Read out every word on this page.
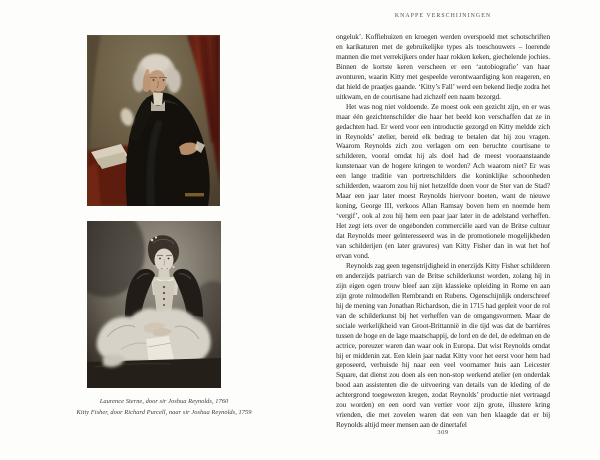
Laurence Sterne, door sir Joshua Reynolds, 1760
Kitty Fisher, door Richard Purcell, naar sir Joshua Reynolds, 1759
KNAPPE VERSCHIJNINGEN

ongeluk’. Koffiehuizen en kroegen werden overspoeld met schotschriften en karikaturen met de gebruikelijke types als toeschouwers – loerende mannen die met verrekijkers onder haar rokken keken, giechelende jochies. Binnen de kortste keren verscheen er een ‘autobiografie’ van haar avonturen, waarin Kitty met gespeelde verontwaardiging kon reageren, en dat hield de praatjes gaande. ‘Kitty’s Fall’ werd een bekend liedje zodra het uitkwam, en de courtisane had zichzelf een naam bezorgd.

Het was nog niet voldoende. Ze moest ook een gezicht zijn, en er was maar één gezichtenschilder die haar het beeld kon verschaffen dat ze in gedachten had. Er werd voor een introductie gezorgd en Kitty meldde zich in Reynolds’ atelier, bereid elk bedrag te betalen dat hij zou vragen. Waarom Reynolds zich zou verlagen om een beruchte courtisane te schilderen, vooral omdat hij als doel had de meest vooraanstaande kunstenaar van de hogere kringen te worden? Ach waarom niet? Er was een lange traditie van portretschilders die koninklijke schoonheden schilderden, waarom zou hij niet hetzelfde doen voor de Ster van de Stad? Maar een jaar later moest Reynolds hiervoor boeten, want de nieuwe koning, George III, verkoos Allan Ramsay boven hem en noemde hem ‘vergif’, ook al zou hij hem een paar jaar later in de adelstand verheffen. Het zegt iets over de ongebonden commerciële aard van de Britse cultuur dat Reynolds meer geïnteresseerd was in de promotionele mogelijkheden van schilderijen (en later gravures) van Kitty Fisher dan in wat het hof ervan vond.

Reynolds zag geen tegenstrijdigheid in enerzijds Kitty Fisher schilderen en anderzijds patriarch van de Britse schilderkunst worden, zolang hij in zijn eigen ogen trouw bleef aan zijn klassieke opleiding in Rome en aan zijn grote rolmodellen Rembrandt en Rubens. Ogenschijnlijk onderschreef hij de mening van Jonathan Richardson, die in 1715 had gepleit voor de rol van de schilderkunst bij het verheffen van de omgangsvormen. Maar de sociale werkelijkheid van Groot-Brittannië in die tijd was dat de barrières tussen de hoge en de lage maatschappij, de lord en de del, de edelman en de actrice, poreuzer waren dan waar ook in Europa. Dat wist Reynolds omdat hij er middenin zat. Een klein jaar nadat Kitty voor het eerst voor hem had geposeerd, verhuisde hij naar een veel voornamer huis aan Leicester Square, dat dienst zou doen als een non-stop werkend atelier (en onderdak bood aan assistenten die de uitvoering van details van de kleding of de achtergrond toegewezen kregen, zodat Reynolds’ productie niet vertraagd zou worden) en een oord van vertier voor zijn grote, illustere kring vrienden, die met zovelen waren dat een van hen klaagde dat er bij Reynolds altijd meer mensen aan de dinertafel

309
